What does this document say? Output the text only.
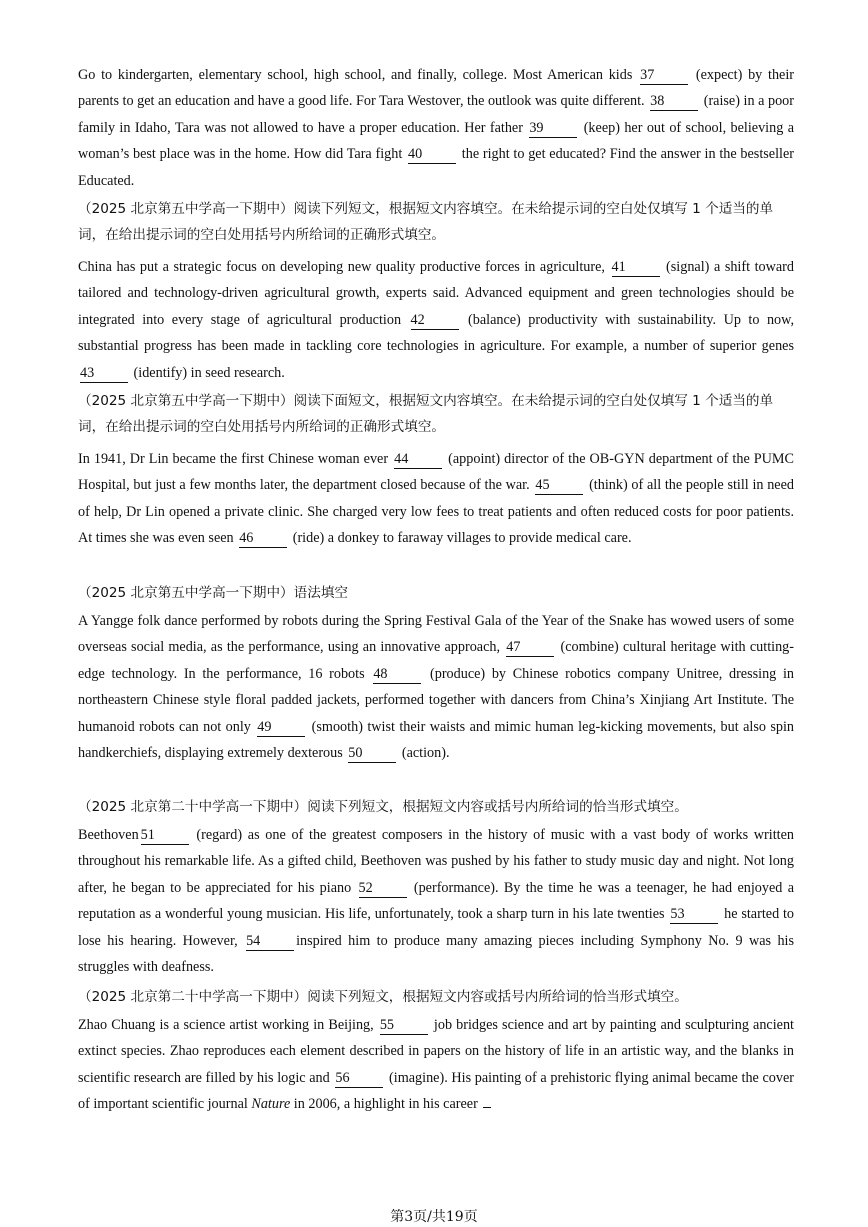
Go to kindergarten, elementary school, high school, and finally, college. Most American kids 37	(expect) by their parents to get an education and have a good life. For Tara Westover, the outlook was quite different. 38	(raise) in a poor family in Idaho, Tara was not allowed to have a proper education. Her father 39	(keep) her out of school, believing a woman’s best place was in the home. How did Tara fight 40	the right to get educated? Find the answer in the bestseller Educated.

（2025 北京第五中学高一下期中）阅读下列短文，根据短文内容填空。在未给提示词的空白处仅填写 1 个适当的单词，在给出提示词的空白处用括号内所给词的正确形式填空。

China has put a strategic focus on developing new quality productive forces in agriculture, 41	(signal) a shift toward tailored and technology-driven agricultural growth, experts said. Advanced equipment and green technologies should be integrated into every stage of agricultural production 42	(balance) productivity with sustainability. Up to now, substantial progress has been made in tackling core technologies in agriculture. For example, a number of superior genes 43	(identify) in seed research.

（2025 北京第五中学高一下期中）阅读下面短文，根据短文内容填空。在未给提示词的空白处仅填写 1 个适当的单词，在给出提示词的空白处用括号内所给词的正确形式填空。

In 1941, Dr Lin became the first Chinese woman ever 44	(appoint) director of the OB-GYN department of the PUMC Hospital, but just a few months later, the department closed because of the war. 45	(think) of all the people still in need of help, Dr Lin opened a private clinic. She charged very low fees to treat patients and often reduced costs for poor patients. At times she was even seen 46	(ride) a donkey to faraway villages to provide medical care.

（2025 北京第五中学高一下期中）语法填空

A Yangge folk dance performed by robots during the Spring Festival Gala of the Year of the Snake has wowed users of some overseas social media, as the performance, using an innovative approach, 47	(combine) cultural heritage with cutting-edge technology. In the performance, 16 robots 48	(produce) by Chinese robotics company Unitree, dressing in northeastern Chinese style floral padded jackets, performed together with dancers from China’s Xinjiang Art Institute. The humanoid robots can not only 49	(smooth) twist their waists and mimic human leg-kicking movements, but also spin handkerchiefs, displaying extremely dexterous 50	(action).

（2025 北京第二十中学高一下期中）阅读下列短文，根据短文内容或括号内所给词的恰当形式填空。

Beethoven 51	(regard) as one of the greatest composers in the history of music with a vast body of works written throughout his remarkable life. As a gifted child, Beethoven was pushed by his father to study music day and night. Not long after, he began to be appreciated for his piano 52	(performance). By the time he was a teenager, he had enjoyed a reputation as a wonderful young musician. His life, unfortunately, took a sharp turn in his late twenties 53	he started to lose his hearing. However, 54	inspired him to produce many amazing pieces including Symphony No. 9 was his struggles with deafness.

（2025 北京第二十中学高一下期中）阅读下列短文，根据短文内容或括号内所给词的恰当形式填空。

Zhao Chuang is a science artist working in Beijing, 55	job bridges science and art by painting and sculpturing ancient extinct species. Zhao reproduces each element described in papers on the history of life in an artistic way, and the blanks in scientific research are filled by his logic and 56	(imagine). His painting of a prehistoric flying animal became the cover of important scientific journal Nature in 2006, a highlight in his career

第3页/共19页
